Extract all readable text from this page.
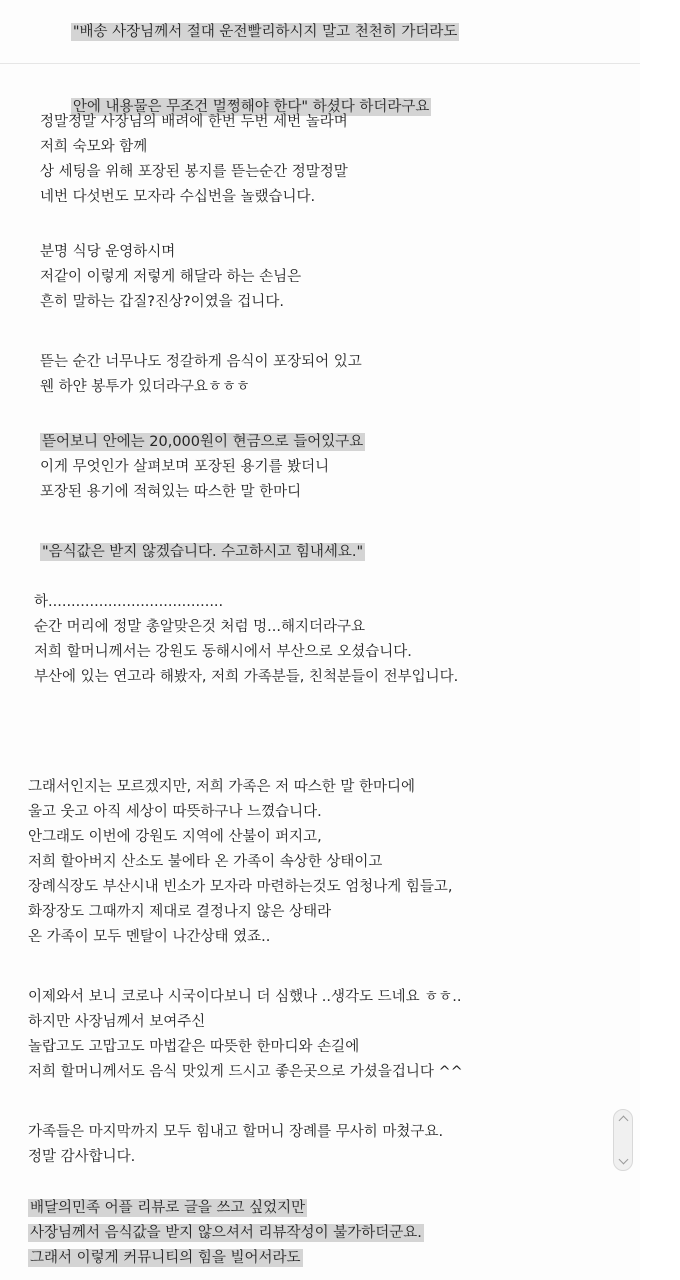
"배송 사장님께서 절대 운전빨리하시지 말고 천천히 가더라도

안에 내용물은 무조건 멀쩡해야 한다" 하셨다 하더라구요

정말정말 사장님의 배려에 한번 두번 세번 놀라며
저희 숙모와 함께
상 세팅을 위해 포장된 봉지를 뜯는순간 정말정말
네번 다섯번도 모자라 수십번을 놀랬습니다.
분명 식당 운영하시며
저같이 이렇게 저렇게 해달라 하는 손님은
흔히 말하는 갑질?진상?이였을 겁니다.
뜯는 순간 너무나도 정갈하게 음식이 포장되어 있고
웬 하얀 봉투가 있더라구요ㅎㅎㅎ
뜯어보니 안에는 20,000원이 현금으로 들어있구요
이게 무엇인가 살펴보며 포장된 용기를 봤더니
포장된 용기에 적혀있는 따스한 말 한마디
"음식값은 받지 않겠습니다. 수고하시고 힘내세요."
하......................................
순간 머리에 정말 총알맞은것 처럼 멍...해지더라구요
저희 할머니께서는 강원도 동해시에서 부산으로 오셨습니다.
부산에 있는 연고라 해봤자, 저희 가족분들, 친척분들이 전부입니다.
그래서인지는 모르겠지만, 저희 가족은 저 따스한 말 한마디에
울고 웃고 아직 세상이 따뜻하구나 느꼈습니다.
안그래도 이번에 강원도 지역에 산불이 퍼지고,
저희 할아버지 산소도 불에타 온 가족이 속상한 상태이고
장례식장도 부산시내 빈소가 모자라 마련하는것도 엄청나게 힘들고,
화장장도 그때까지 제대로 결정나지 않은 상태라
온 가족이 모두 멘탈이 나간상태 였죠..
이제와서 보니 코로나 시국이다보니 더 심했나 ..생각도 드네요 ㅎㅎ..
하지만 사장님께서 보여주신
놀랍고도 고맙고도 마법같은 따뜻한 한마디와 손길에
저희 할머니께서도 음식 맛있게 드시고 좋은곳으로 가셨을겁니다 ^^
가족들은 마지막까지 모두 힘내고 할머니 장례를 무사히 마쳤구요.
정말 감사합니다.
배달의민족 어플 리뷰로 글을 쓰고 싶었지만
사장님께서 음식값을 받지 않으셔서 리뷰작성이 불가하더군요.
그래서 이렇게 커뮤니티의 힘을 빌어서라도
